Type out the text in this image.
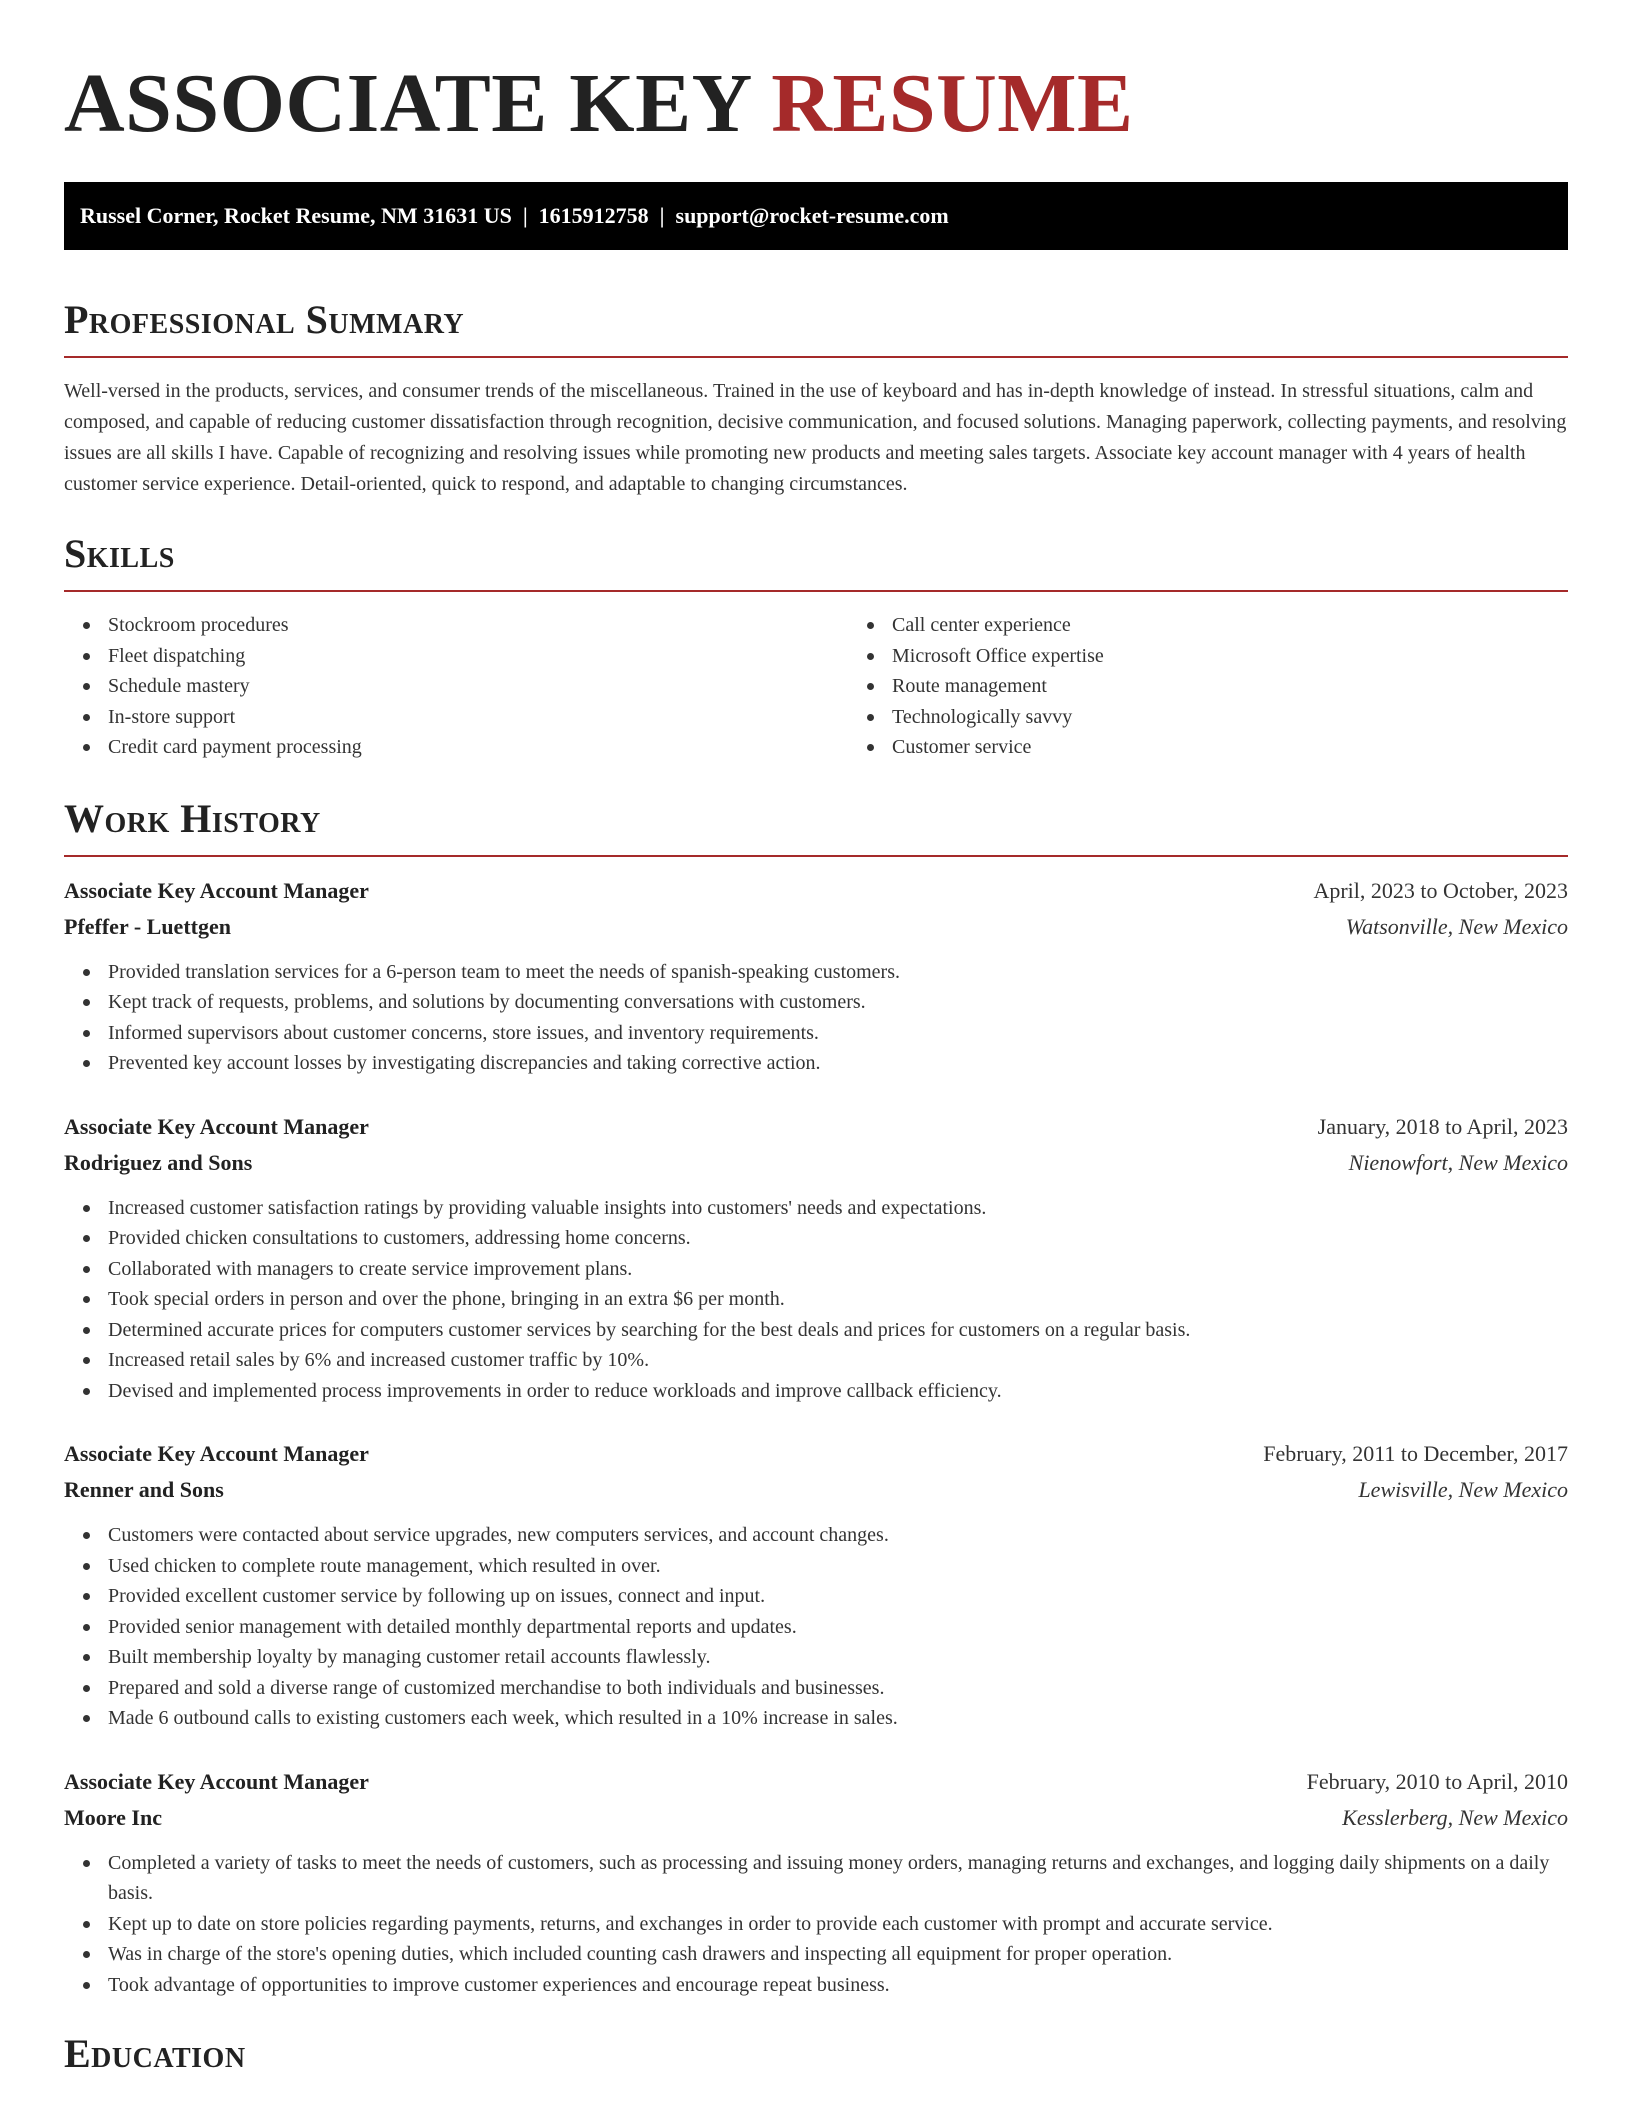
ASSOCIATE KEY RESUME
Russel Corner, Rocket Resume, NM 31631 US  |  1615912758  |  support@rocket-resume.com
Professional Summary

Well-versed in the products, services, and consumer trends of the miscellaneous. Trained in the use of keyboard and has in-depth knowledge of instead. In stressful situations, calm and composed, and capable of reducing customer dissatisfaction through recognition, decisive communication, and focused solutions. Managing paperwork, collecting payments, and resolving issues are all skills I have. Capable of recognizing and resolving issues while promoting new products and meeting sales targets. Associate key account manager with 4 years of health customer service experience. Detail-oriented, quick to respond, and adaptable to changing circumstances.

Skills
Stockroom procedures
Fleet dispatching
Schedule mastery
In-store support
Credit card payment processing
Call center experience
Microsoft Office expertise
Route management
Technologically savvy
Customer service
Work History
Associate Key Account Manager	April, 2023 to October, 2023
Pfeffer - Luettgen	Watsonville, New Mexico
Provided translation services for a 6-person team to meet the needs of spanish-speaking customers.
Kept track of requests, problems, and solutions by documenting conversations with customers.
Informed supervisors about customer concerns, store issues, and inventory requirements.
Prevented key account losses by investigating discrepancies and taking corrective action.
Associate Key Account Manager	January, 2018 to April, 2023
Rodriguez and Sons	Nienowfort, New Mexico
Increased customer satisfaction ratings by providing valuable insights into customers' needs and expectations.
Provided chicken consultations to customers, addressing home concerns.
Collaborated with managers to create service improvement plans.
Took special orders in person and over the phone, bringing in an extra $6 per month.
Determined accurate prices for computers customer services by searching for the best deals and prices for customers on a regular basis.
Increased retail sales by 6% and increased customer traffic by 10%.
Devised and implemented process improvements in order to reduce workloads and improve callback efficiency.
Associate Key Account Manager	February, 2011 to December, 2017
Renner and Sons	Lewisville, New Mexico
Customers were contacted about service upgrades, new computers services, and account changes.
Used chicken to complete route management, which resulted in over.
Provided excellent customer service by following up on issues, connect and input.
Provided senior management with detailed monthly departmental reports and updates.
Built membership loyalty by managing customer retail accounts flawlessly.
Prepared and sold a diverse range of customized merchandise to both individuals and businesses.
Made 6 outbound calls to existing customers each week, which resulted in a 10% increase in sales.
Associate Key Account Manager	February, 2010 to April, 2010
Moore Inc	Kesslerberg, New Mexico
Completed a variety of tasks to meet the needs of customers, such as processing and issuing money orders, managing returns and exchanges, and logging daily shipments on a daily basis.
Kept up to date on store policies regarding payments, returns, and exchanges in order to provide each customer with prompt and accurate service.
Was in charge of the store's opening duties, which included counting cash drawers and inspecting all equipment for proper operation.
Took advantage of opportunities to improve customer experiences and encourage repeat business.
Education
